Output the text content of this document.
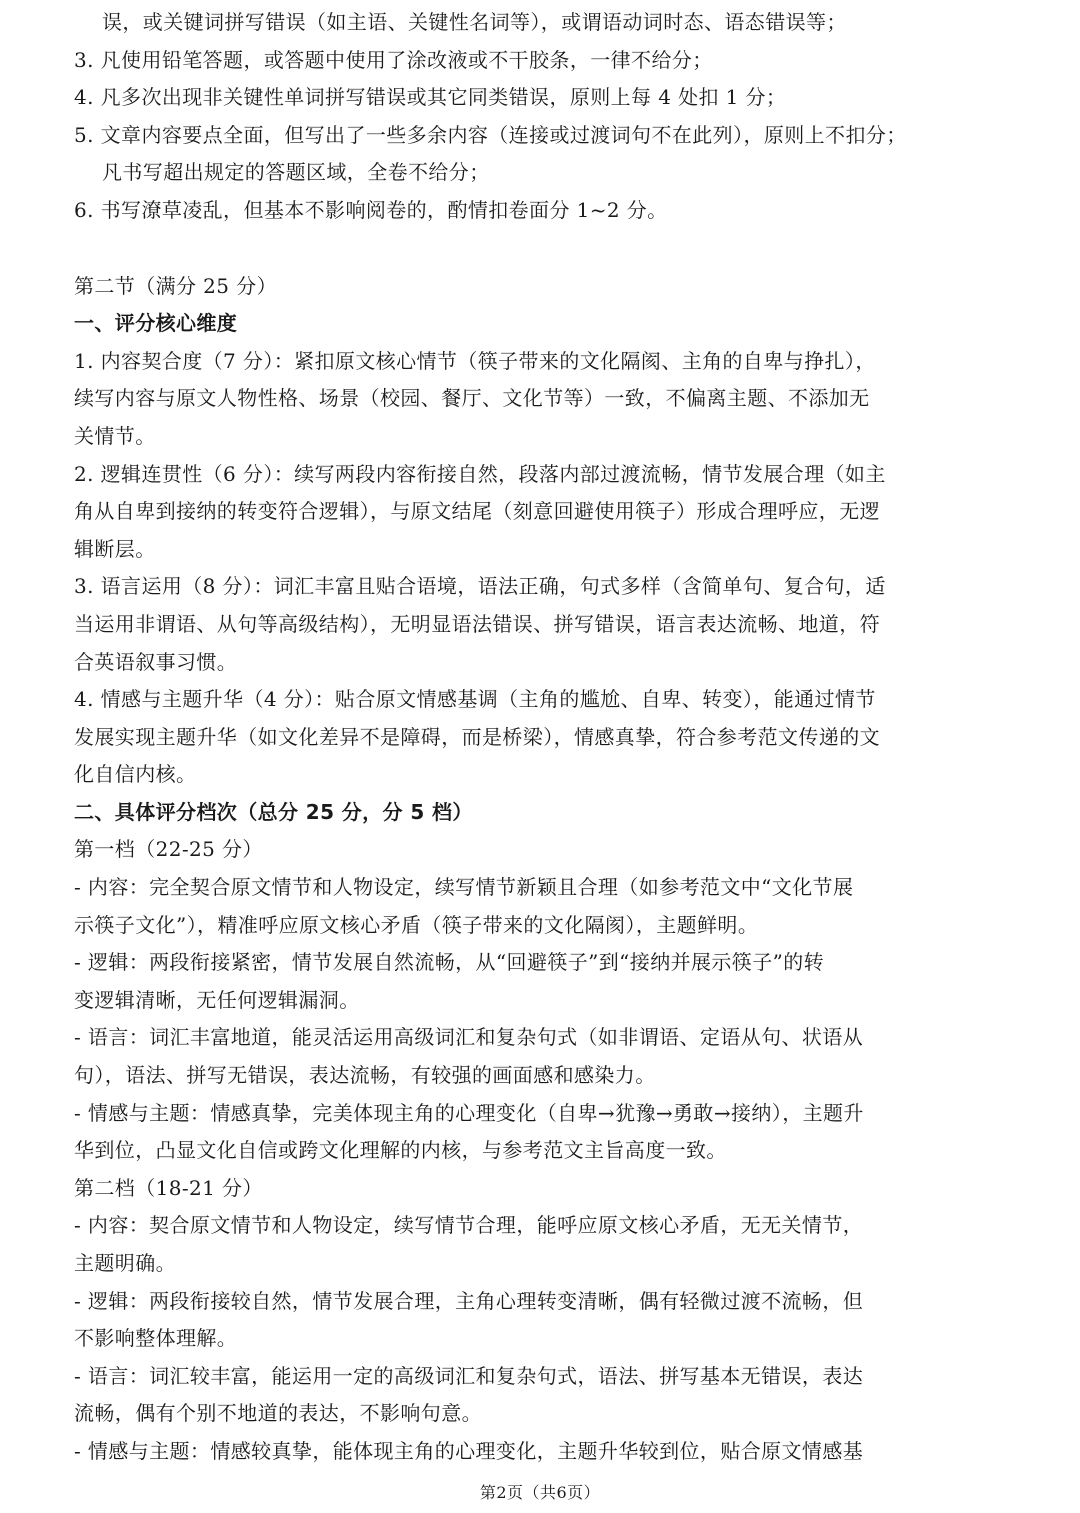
误，或关键词拼写错误（如主语、关键性名词等），或谓语动词时态、语态错误等；
3. 凡使用铅笔答题，或答题中使用了涂改液或不干胶条，一律不给分；
4. 凡多次出现非关键性单词拼写错误或其它同类错误，原则上每 4 处扣 1 分；
5. 文章内容要点全面，但写出了一些多余内容（连接或过渡词句不在此列），原则上不扣分；
凡书写超出规定的答题区域，全卷不给分；
6. 书写潦草凌乱，但基本不影响阅卷的，酌情扣卷面分 1~2 分。
第二节（满分 25 分）
一、评分核心维度
1. 内容契合度（7 分）：紧扣原文核心情节（筷子带来的文化隔阂、主角的自卑与挣扎），
续写内容与原文人物性格、场景（校园、餐厅、文化节等）一致，不偏离主题、不添加无
关情节。
2. 逻辑连贯性（6 分）：续写两段内容衔接自然，段落内部过渡流畅，情节发展合理（如主
角从自卑到接纳的转变符合逻辑），与原文结尾（刻意回避使用筷子）形成合理呼应，无逻
辑断层。
3. 语言运用（8 分）：词汇丰富且贴合语境，语法正确，句式多样（含简单句、复合句，适
当运用非谓语、从句等高级结构），无明显语法错误、拼写错误，语言表达流畅、地道，符
合英语叙事习惯。
4. 情感与主题升华（4 分）：贴合原文情感基调（主角的尴尬、自卑、转变），能通过情节
发展实现主题升华（如文化差异不是障碍，而是桥梁），情感真挚，符合参考范文传递的文
化自信内核。
二、具体评分档次（总分 25 分，分 5 档）
第一档（22-25 分）
- 内容：完全契合原文情节和人物设定，续写情节新颖且合理（如参考范文中“文化节展
示筷子文化”），精准呼应原文核心矛盾（筷子带来的文化隔阂），主题鲜明。
- 逻辑：两段衔接紧密，情节发展自然流畅，从“回避筷子”到“接纳并展示筷子”的转
变逻辑清晰，无任何逻辑漏洞。
- 语言：词汇丰富地道，能灵活运用高级词汇和复杂句式（如非谓语、定语从句、状语从
句），语法、拼写无错误，表达流畅，有较强的画面感和感染力。
- 情感与主题：情感真挚，完美体现主角的心理变化（自卑→犹豫→勇敢→接纳），主题升
华到位，凸显文化自信或跨文化理解的内核，与参考范文主旨高度一致。
第二档（18-21 分）
- 内容：契合原文情节和人物设定，续写情节合理，能呼应原文核心矛盾，无无关情节，
主题明确。
- 逻辑：两段衔接较自然，情节发展合理，主角心理转变清晰，偶有轻微过渡不流畅，但
不影响整体理解。
- 语言：词汇较丰富，能运用一定的高级词汇和复杂句式，语法、拼写基本无错误，表达
流畅，偶有个别不地道的表达，不影响句意。
- 情感与主题：情感较真挚，能体现主角的心理变化，主题升华较到位，贴合原文情感基
第2页（共6页）
